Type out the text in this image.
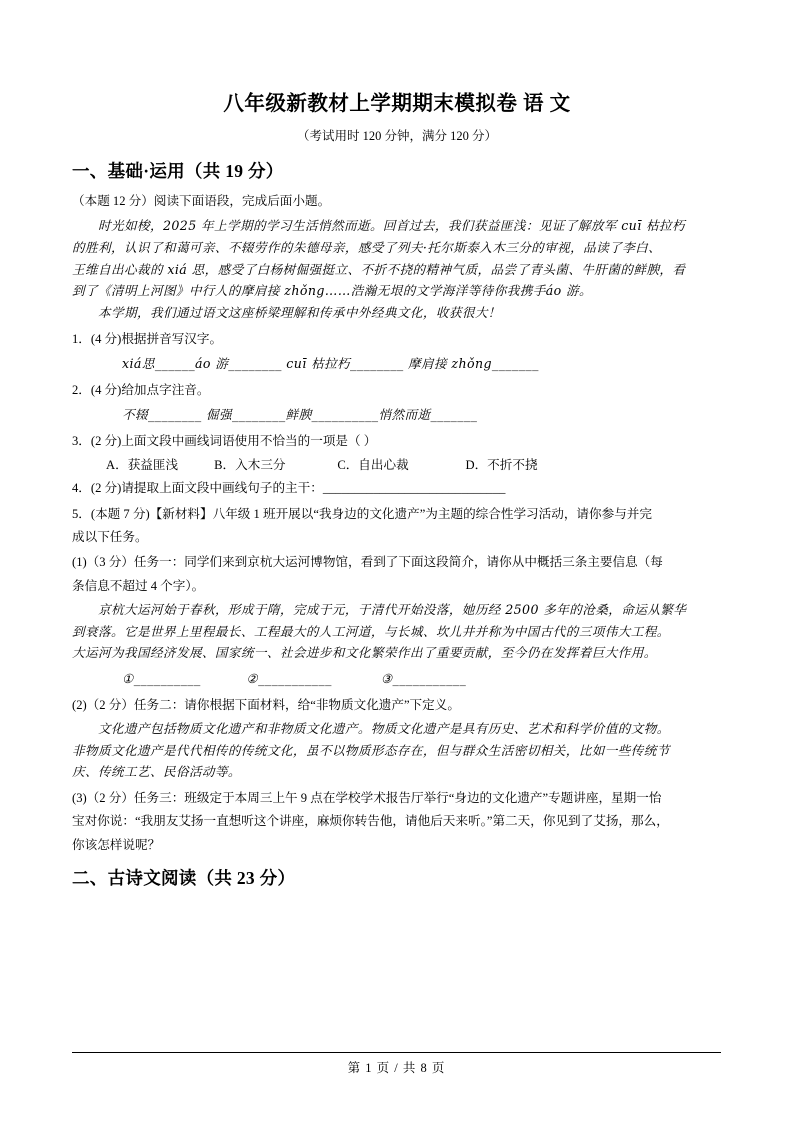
八年级新教材上学期期末模拟卷 语 文
（考试用时 120 分钟，满分 120 分）
一、基础·运用（共 19 分）
（本题 12 分）阅读下面语段，完成后面小题。
时光如梭，2025 年上学期的学习生活悄然而逝。回首过去，我们获益匪浅：见证了解放军 cuī 枯拉朽
的胜利，认识了和蔼可亲、不辍劳作的朱德母亲，感受了列夫·托尔斯泰入木三分的审视，品读了李白、
王维自出心裁的 xiá 思，感受了白杨树倔强挺立、不折不挠的精神气质，品尝了青头菌、牛肝菌的鲜腴，看
到了《清明上河图》中行人的摩肩接 zhǒng……浩瀚无垠的文学海洋等待你我携手áo 游。
本学期，我们通过语文这座桥梁理解和传承中外经典文化，收获很大！
1．(4 分)根据拼音写汉字。
xiá思______áo 游________ cuī 枯拉朽________ 摩肩接 zhǒng_______
2．(4 分)给加点字注音。
不辍________ 倔强________鲜腴__________悄然而逝_______
3．(2 分)上面文段中画线词语使用不恰当的一项是（ ）
A．获益匪浅	B．入木三分	C．自出心裁	D．不折不挠
4．(2 分)请提取上面文段中画线句子的主干：_____________________________
5．(本题 7 分)【新材料】八年级 1 班开展以“我身边的文化遗产”为主题的综合性学习活动，请你参与并完
成以下任务。
(1)（3 分）任务一：同学们来到京杭大运河博物馆，看到了下面这段简介，请你从中概括三条主要信息（每
条信息不超过 4 个字）。
京杭大运河始于春秋，形成于隋，完成于元，于清代开始没落，她历经 2500 多年的沧桑，命运从繁华
到衰落。它是世界上里程最长、工程最大的人工河道，与长城、坎儿井并称为中国古代的三项伟大工程。
大运河为我国经济发展、国家统一、社会进步和文化繁荣作出了重要贡献，至今仍在发挥着巨大作用。
①__________	②___________	③___________
(2)（2 分）任务二：请你根据下面材料，给“非物质文化遗产”下定义。
文化遗产包括物质文化遗产和非物质文化遗产。物质文化遗产是具有历史、艺术和科学价值的文物。
非物质文化遗产是代代相传的传统文化，虽不以物质形态存在，但与群众生活密切相关，比如一些传统节
庆、传统工艺、民俗活动等。
(3)（2 分）任务三：班级定于本周三上午 9 点在学校学术报告厅举行“身边的文化遗产”专题讲座，星期一怡
宝对你说：“我朋友艾扬一直想听这个讲座，麻烦你转告他，请他后天来听。”第二天，你见到了艾扬，那么，
你该怎样说呢？
二、古诗文阅读（共 23 分）
第 1 页 / 共 8 页
